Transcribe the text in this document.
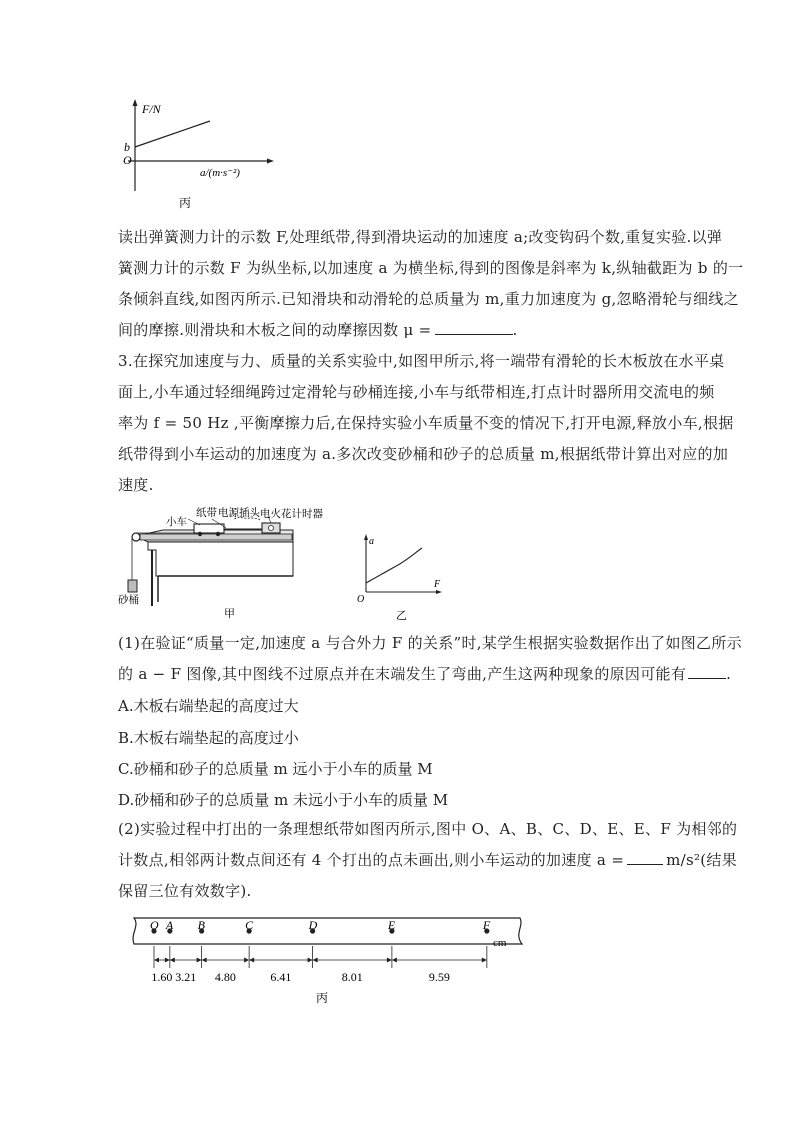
F/N
b
O
a/(m·s⁻²)
丙
读出弹簧测力计的示数 F,处理纸带,得到滑块运动的加速度 a;改变钩码个数,重复实验.以弹
簧测力计的示数 F 为纵坐标,以加速度 a 为横坐标,得到的图像是斜率为 k,纵轴截距为 b 的一
条倾斜直线,如图丙所示.已知滑块和动滑轮的总质量为 m,重力加速度为 g,忽略滑轮与细线之
间的摩擦.则滑块和木板之间的动摩擦因数 μ =	.
3.在探究加速度与力、质量的关系实验中,如图甲所示,将一端带有滑轮的长木板放在水平桌
面上,小车通过轻细绳跨过定滑轮与砂桶连接,小车与纸带相连,打点计时器所用交流电的频
率为 f = 50 Hz ,平衡摩擦力后,在保持实验小车质量不变的情况下,打开电源,释放小车,根据
纸带得到小车运动的加速度为 a.多次改变砂桶和砂子的总质量 m,根据纸带计算出对应的加
速度.
小车
纸带 电源插头 电火花计时器
砂桶
甲
a
F
O
乙
(1)在验证“质量一定,加速度 a 与合外力 F 的关系”时,某学生根据实验数据作出了如图乙所示
的 a − F 图像,其中图线不过原点并在末端发生了弯曲,产生这两种现象的原因可能有	.
A.木板右端垫起的高度过大
B.木板右端垫起的高度过小
C.砂桶和砂子的总质量 m 远小于小车的质量 M
D.砂桶和砂子的总质量 m 未远小于小车的质量 M
(2)实验过程中打出的一条理想纸带如图丙所示,图中 O、A、B、C、D、E、E、F 为相邻的
计数点,相邻两计数点间还有 4 个打出的点未画出,则小车运动的加速度 a =	m/s²(结果
保留三位有效数字).
O A B	C	D	E	F
1.60 3.21 4.80	6.41	8.01	9.59
cm
丙
